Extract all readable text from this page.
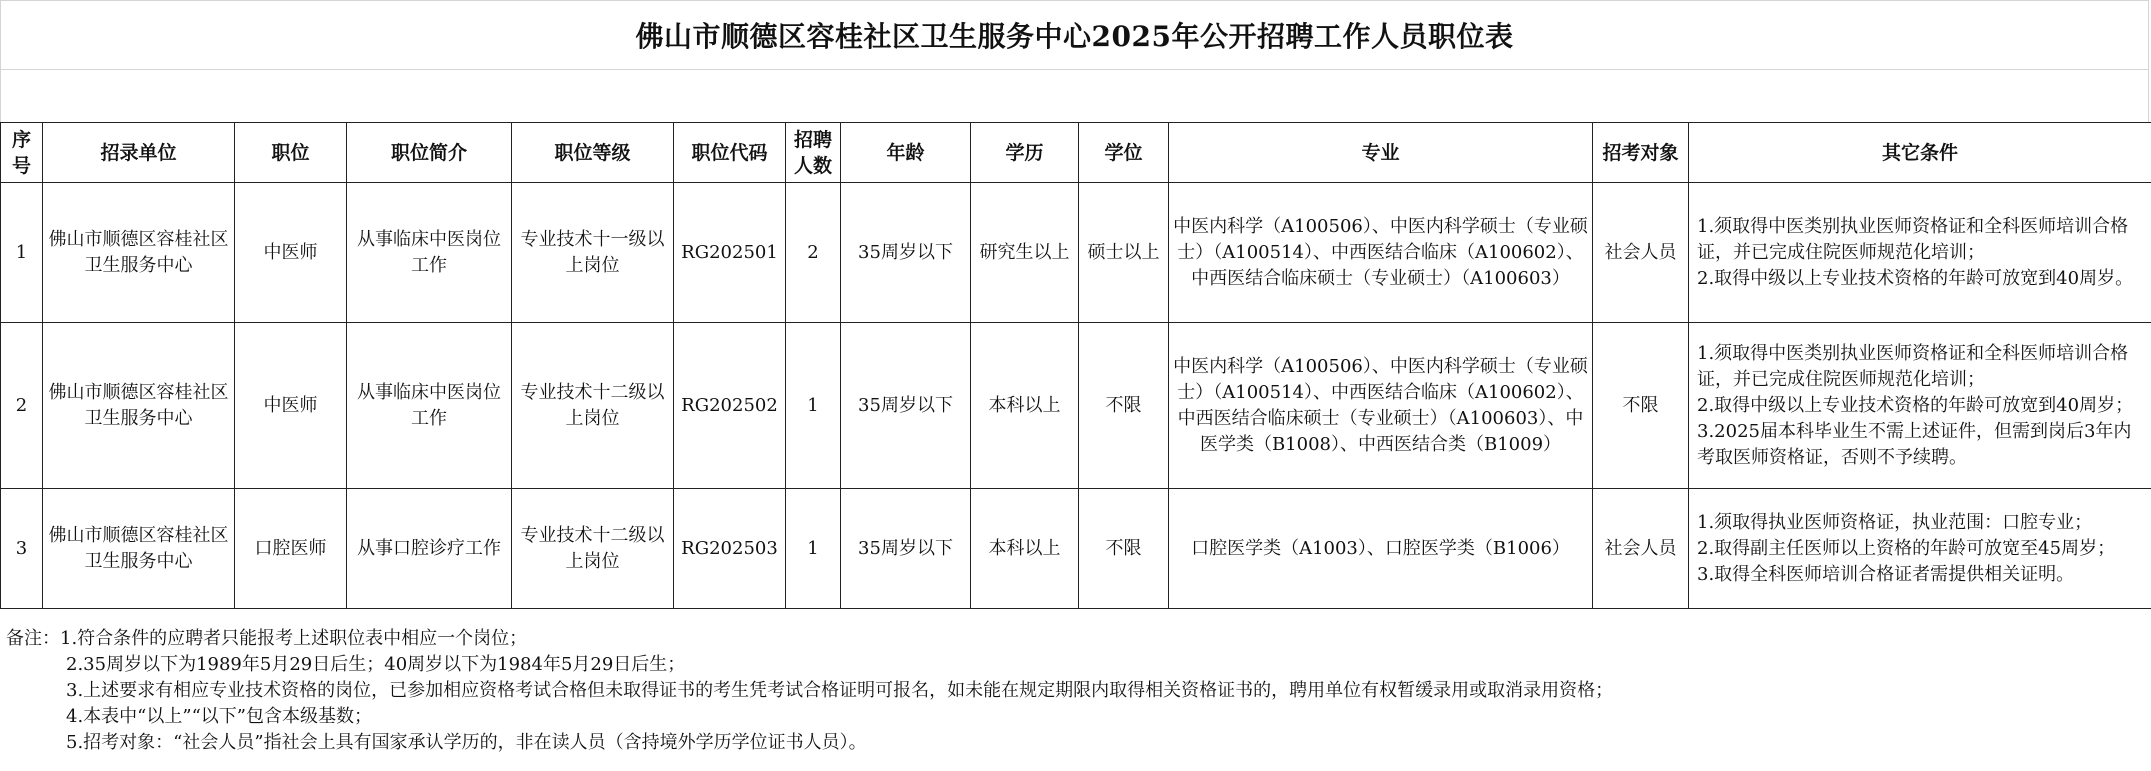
佛山市顺德区容桂社区卫生服务中心2025年公开招聘工作人员职位表
序号	招录单位	职位	职位简介	职位等级	职位代码	招聘人数	年龄	学历	学位	专业	招考对象	其它条件
1	佛山市顺德区容桂社区卫生服务中心	中医师	从事临床中医岗位工作	专业技术十一级以上岗位	RG202501	2	35周岁以下	研究生以上	硕士以上	中医内科学（A100506）、中医内科学硕士（专业硕士）（A100514）、中西医结合临床（A100602）、中西医结合临床硕士（专业硕士）（A100603）	社会人员	1.须取得中医类别执业医师资格证和全科医师培训合格证，并已完成住院医师规范化培训；
2.取得中级以上专业技术资格的年龄可放宽到40周岁。

2	佛山市顺德区容桂社区卫生服务中心	中医师	从事临床中医岗位工作	专业技术十二级以上岗位	RG202502	1	35周岁以下	本科以上	不限	中医内科学（A100506）、中医内科学硕士（专业硕士）（A100514）、中西医结合临床（A100602）、中西医结合临床硕士（专业硕士）（A100603）、中医学类（B1008）、中西医结合类（B1009）	不限	1.须取得中医类别执业医师资格证和全科医师培训合格证，并已完成住院医师规范化培训；
2.取得中级以上专业技术资格的年龄可放宽到40周岁；
3.2025届本科毕业生不需上述证件，但需到岗后3年内考取医师资格证，否则不予续聘。

3	佛山市顺德区容桂社区卫生服务中心	口腔医师	从事口腔诊疗工作	专业技术十二级以上岗位	RG202503	1	35周岁以下	本科以上	不限	口腔医学类（A1003）、口腔医学类（B1006）	社会人员	1.须取得执业医师资格证，执业范围：口腔专业；
2.取得副主任医师以上资格的年龄可放宽至45周岁；
3.取得全科医师培训合格证者需提供相关证明。
备注：1.符合条件的应聘者只能报考上述职位表中相应一个岗位；
2.35周岁以下为1989年5月29日后生；40周岁以下为1984年5月29日后生；
3.上述要求有相应专业技术资格的岗位，已参加相应资格考试合格但未取得证书的考生凭考试合格证明可报名，如未能在规定期限内取得相关资格证书的，聘用单位有权暂缓录用或取消录用资格；
4.本表中“以上”“以下”包含本级基数；
5.招考对象：“社会人员”指社会上具有国家承认学历的，非在读人员（含持境外学历学位证书人员）。
